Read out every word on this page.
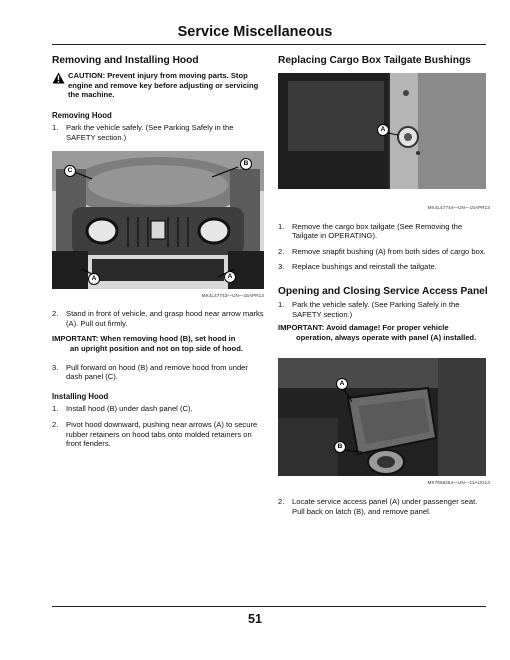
Service Miscellaneous
Removing and Installing Hood
CAUTION: Prevent injury from moving parts. Stop engine and remove key before adjusting or servicing the machine.
Removing Hood
1.	Park the vehicle safely. (See Parking Safely in the SAFETY section.)
C
B
A	A
MX4L47743—UN—15APR13
2.	Stand in front of vehicle, and grasp hood near arrow marks (A). Pull out firmly.
IMPORTANT: When removing hood (B), set hood in
an upright position and not on top side of hood.
3.	Pull forward on hood (B) and remove hood from under dash panel (C).
Installing Hood
1.	Install hood (B) under dash panel (C).
2.	Pivot hood downward, pushing near arrows (A) to secure rubber retainers on hood tabs onto molded retainers on front fenders.
Replacing Cargo Box Tailgate Bushings
A
MX4L47744—UN—15APR13
1.	Remove the cargo box tailgate (See Removing the Tailgate in OPERATING).
2.	Remove snapfit bushing (A) from both sides of cargo box.
3.	Replace bushings and reinstall the tailgate.
Opening and Closing Service Access Panel
1.	Park the vehicle safely. (See Parking Safely in the SAFETY section.)
IMPORTANT: Avoid damage! For proper vehicle
operation, always operate with panel (A) installed.
A
B
MX7066254—UN—11AUG13
2.	Locate service access panel (A) under passenger seat. Pull back on latch (B), and remove panel.
51
